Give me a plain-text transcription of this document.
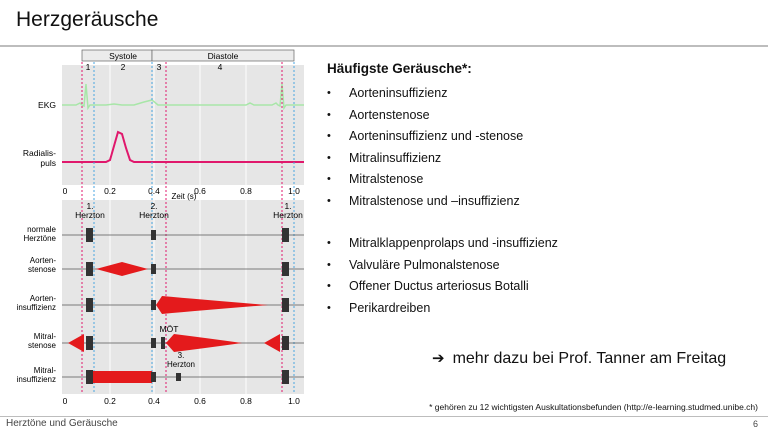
Herzgeräusche
Systole	Diastole
1	2	3	4
EKG
Radialis-
puls
0	0.2	0.4	0.6	0.8	1.0
Zeit (s)
1.
Herzton
2.
Herzton
1.
Herzton
normale
Herztöne
Aorten-
stenose
Aorten-
insuffizienz
Mitral-
stenose
Mitral-
insuffizienz
MÖT
3.
Herzton
0	0.2	0.4	0.6	0.8	1.0

Häufigste Geräusche*:

• Aorteninsuffizienz
• Aortenstenose
• Aorteninsuffizienz und -stenose
• Mitralinsuffizienz
• Mitralstenose
• Mitralstenose und –insuffizienz
• Mitralklappenprolaps und -insuffizienz
• Valvuläre Pulmonalstenose
• Offener Ductus arteriosus Botalli
• Perikardreiben
➔ mehr dazu bei Prof. Tanner am Freitag
* gehören zu 12 wichtigsten Auskultationsbefunden (http://e-learning.studmed.unibe.ch)
Herztöne und Geräusche	6
